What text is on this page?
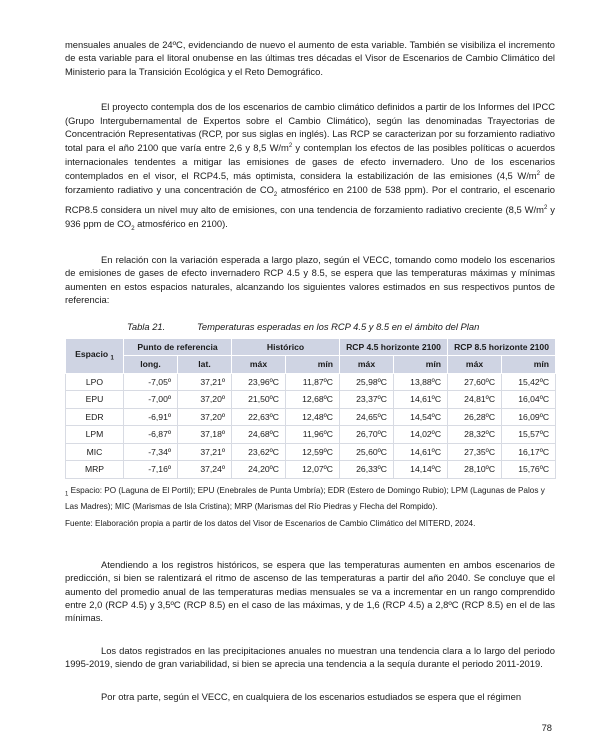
mensuales anuales de 24ºC, evidenciando de nuevo el aumento de esta variable. También se visibiliza el incremento de esta variable para el litoral onubense en las últimas tres décadas el Visor de Escenarios de Cambio Climático del Ministerio para la Transición Ecológica y el Reto Demográfico.

El proyecto contempla dos de los escenarios de cambio climático definidos a partir de los Informes del IPCC (Grupo Intergubernamental de Expertos sobre el Cambio Climático), según las denominadas Trayectorias de Concentración Representativas (RCP, por sus siglas en inglés). Las RCP se caracterizan por su forzamiento radiativo total para el año 2100 que varía entre 2,6 y 8,5 $W/m^2$ y contemplan los efectos de las posibles políticas o acuerdos internacionales tendentes a mitigar las emisiones de gases de efecto invernadero. Uno de los escenarios contemplados en el visor, el RCP4.5, más optimista, considera la estabilización de las emisiones (4,5 $W/m^2$ de forzamiento radiativo y una concentración de $CO_2$ atmosférico en 2100 de 538 ppm). Por el contrario, el escenario RCP8.5 considera un nivel muy alto de emisiones, con una tendencia de forzamiento radiativo creciente (8,5 $W/m^2$ y 936 ppm de $CO_2$ atmosférico en 2100).

En relación con la variación esperada a largo plazo, según el VECC, tomando como modelo los escenarios de emisiones de gases de efecto invernadero RCP 4.5 y 8.5, se espera que las temperaturas máximas y mínimas aumenten en estos espacios naturales, alcanzando los siguientes valores estimados en sus respectivos puntos de referencia:

Tabla 21.	Temperaturas esperadas en los RCP 4.5 y 8.5 en el ámbito del Plan
Espacio $_1$	Punto de referencia		Histórico		RCP 4.5 horizonte 2100		RCP 8.5 horizonte 2100	
	long.	lat.	máx	mín	máx	mín	máx	mín
LPO	-7,05º	37,21º	23,96ºC	11,87ºC	25,98ºC	13,88ºC	27,60ºC	15,42ºC
EPU	-7,00º	37,20º	21,50ºC	12,68ºC	23,37ºC	14,61ºC	24,81ºC	16,04ºC
EDR	-6,91º	37,20º	22,63ºC	12,48ºC	24,65ºC	14,54ºC	26,28ºC	16,09ºC
LPM	-6,87º	37,18º	24,68ºC	11,96ºC	26,70ºC	14,02ºC	28,32ºC	15,57ºC
MIC	-7,34º	37,21º	23,62ºC	12,59ºC	25,60ºC	14,61ºC	27,35ºC	16,17ºC
MRP	-7,16º	37,24º	24,20ºC	12,07ºC	26,33ºC	14,14ºC	28,10ºC	15,76ºC
$_1$ Espacio: PO (Laguna de El Portil); EPU (Enebrales de Punta Umbría); EDR (Estero de Domingo Rubio); LPM (Lagunas de Palos y Las Madres); MIC (Marismas de Isla Cristina); MRP (Marismas del Río Piedras y Flecha del Rompido).
Fuente: Elaboración propia a partir de los datos del Visor de Escenarios de Cambio Climático del MITERD, 2024.

Atendiendo a los registros históricos, se espera que las temperaturas aumenten en ambos escenarios de predicción, si bien se ralentizará el ritmo de ascenso de las temperaturas a partir del año 2040. Se concluye que el aumento del promedio anual de las temperaturas medias mensuales se va a incrementar en un rango comprendido entre 2,0 (RCP 4.5) y 3,5ºC (RCP 8.5) en el caso de las máximas, y de 1,6 (RCP 4.5) a 2,8ºC (RCP 8.5) en el de las mínimas.

Los datos registrados en las precipitaciones anuales no muestran una tendencia clara a lo largo del periodo 1995-2019, siendo de gran variabilidad, si bien se aprecia una tendencia a la sequía durante el periodo 2011-2019.

Por otra parte, según el VECC, en cualquiera de los escenarios estudiados se espera que el régimen

78
